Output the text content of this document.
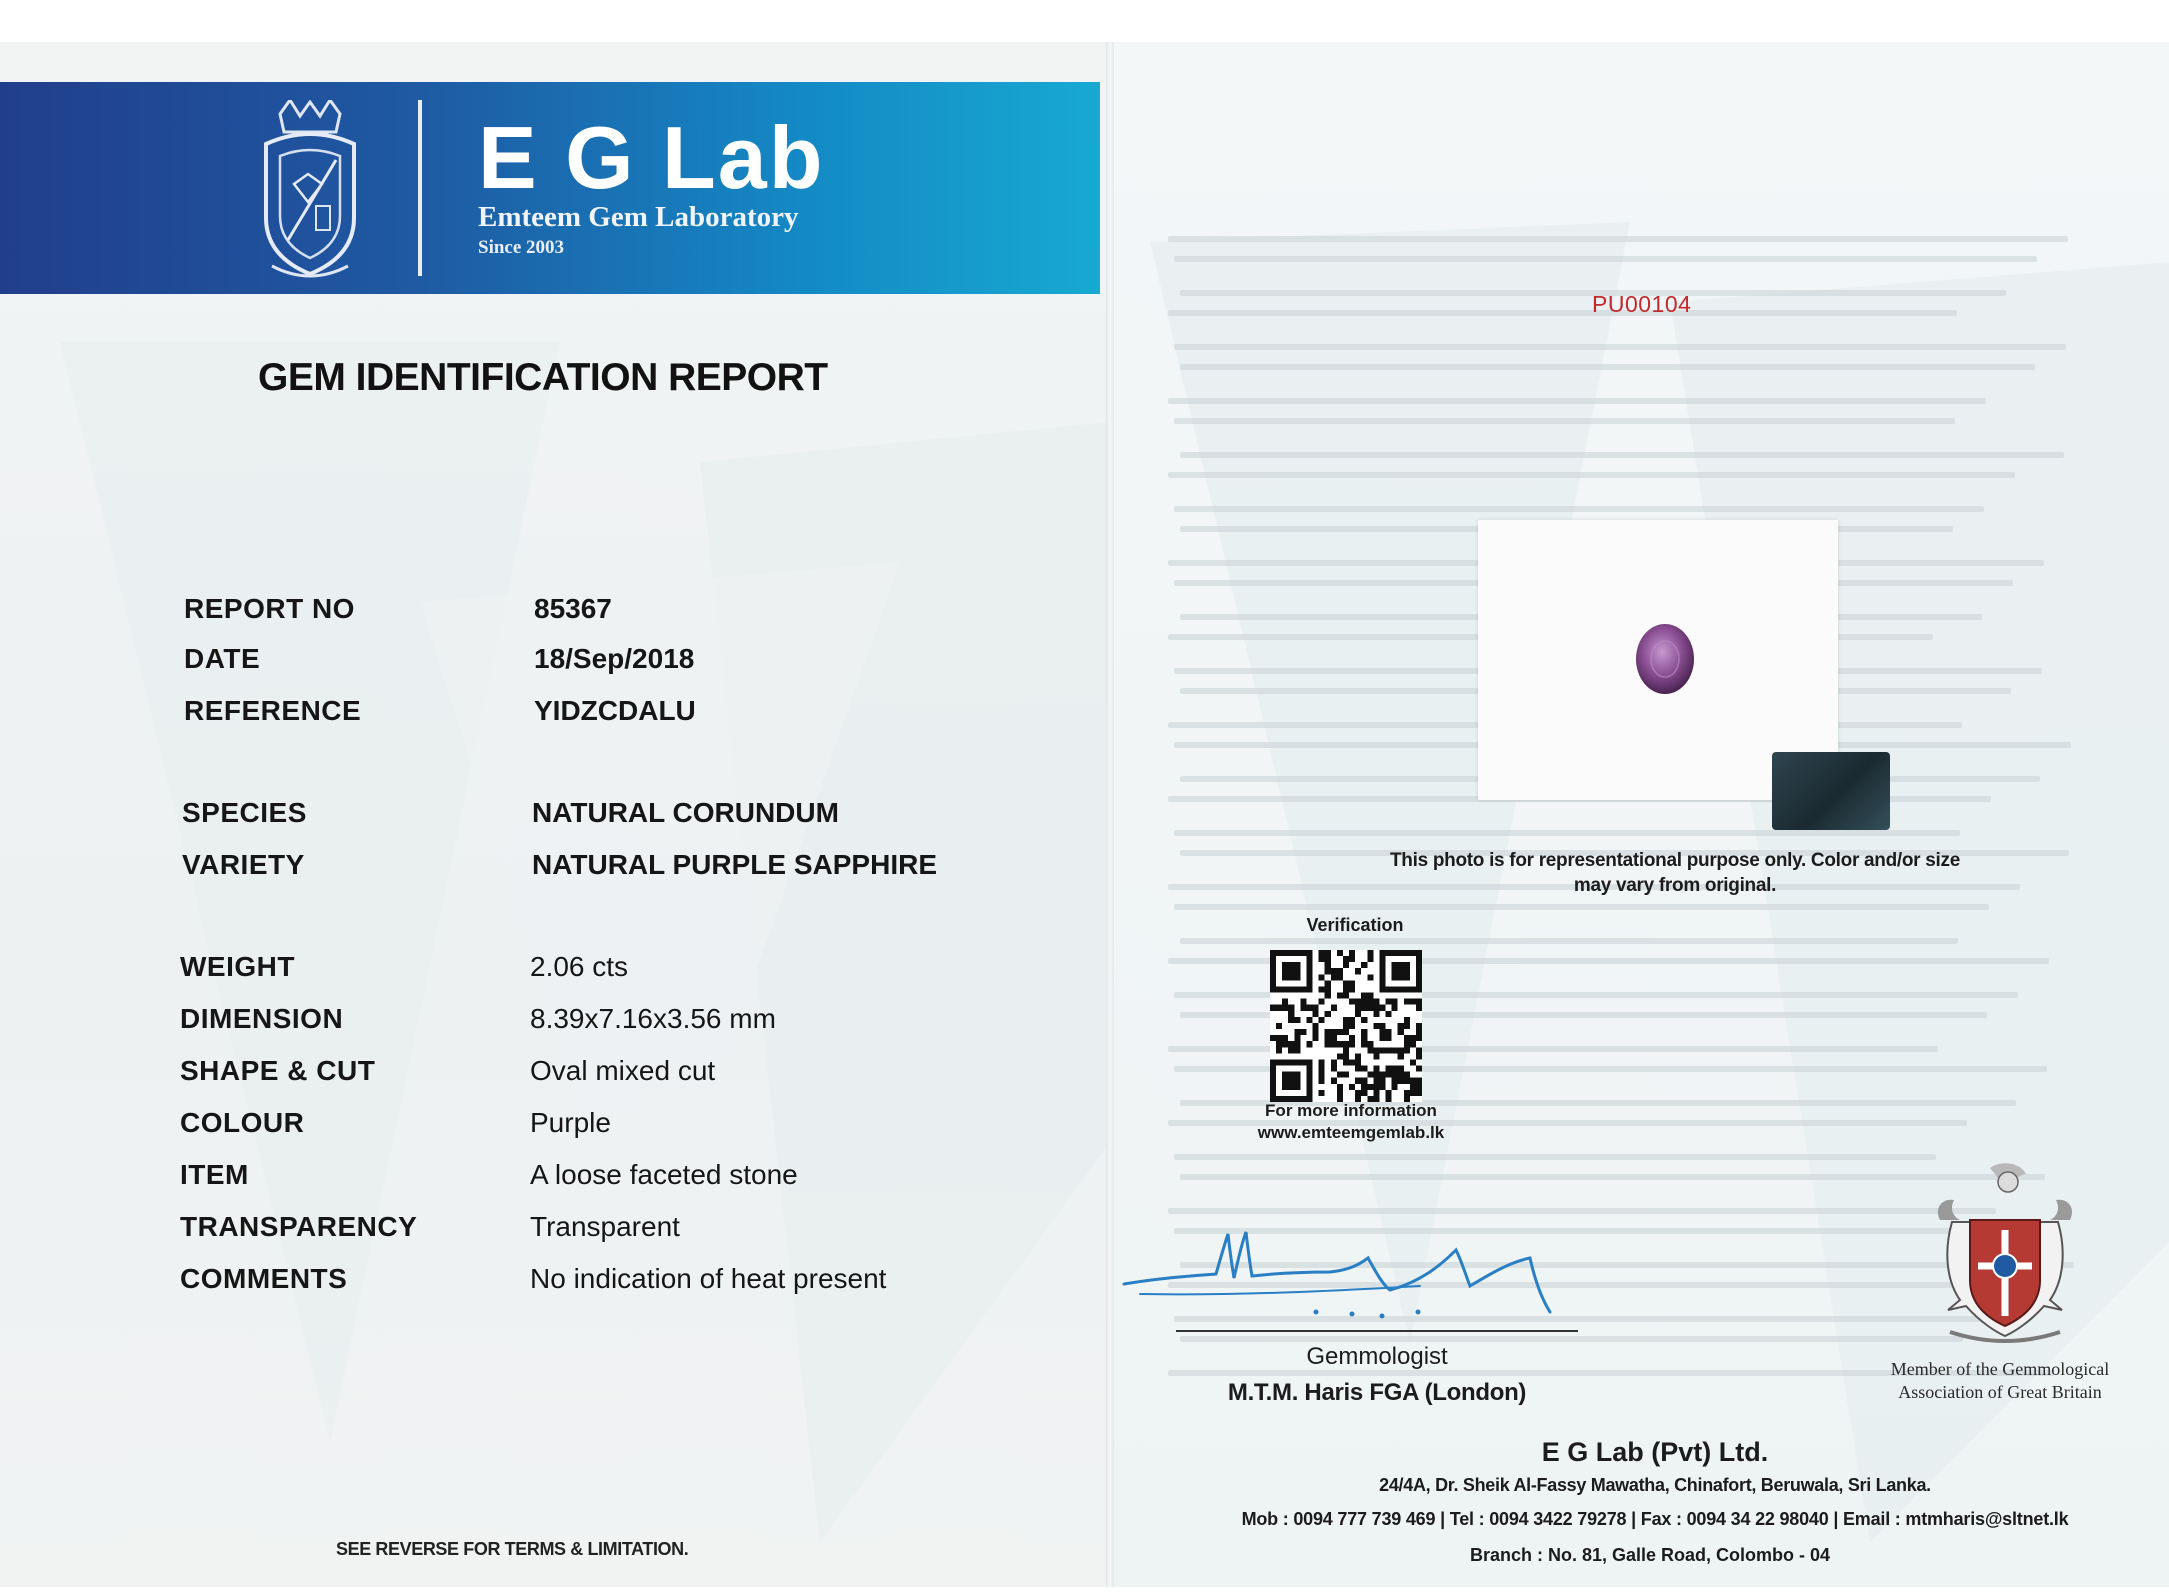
E G Lab
Emteem Gem Laboratory
Since 2003
GEM IDENTIFICATION REPORT
REPORT NO	85367
DATE	18/Sep/2018
REFERENCE	YIDZCDALU
SPECIES	NATURAL CORUNDUM
VARIETY	NATURAL PURPLE SAPPHIRE
WEIGHT	2.06 cts
DIMENSION	8.39x7.16x3.56 mm
SHAPE & CUT	Oval mixed cut
COLOUR	Purple
ITEM	A loose faceted stone
TRANSPARENCY	Transparent
COMMENTS	No indication of heat present
SEE REVERSE FOR TERMS & LIMITATION.
PU00104
This photo is for representational purpose only. Color and/or size may vary from original.
Verification
For more information
www.emteemgemlab.lk
Gemmologist
M.T.M. Haris FGA (London)
Member of the Gemmological Association of Great Britain
E G Lab (Pvt) Ltd.
24/4A, Dr. Sheik Al-Fassy Mawatha, Chinafort, Beruwala, Sri Lanka.
Mob : 0094 777 739 469 | Tel : 0094 3422 79278 | Fax : 0094 34 22 98040 | Email : mtmharis@sltnet.lk
Branch : No. 81, Galle Road, Colombo - 04
